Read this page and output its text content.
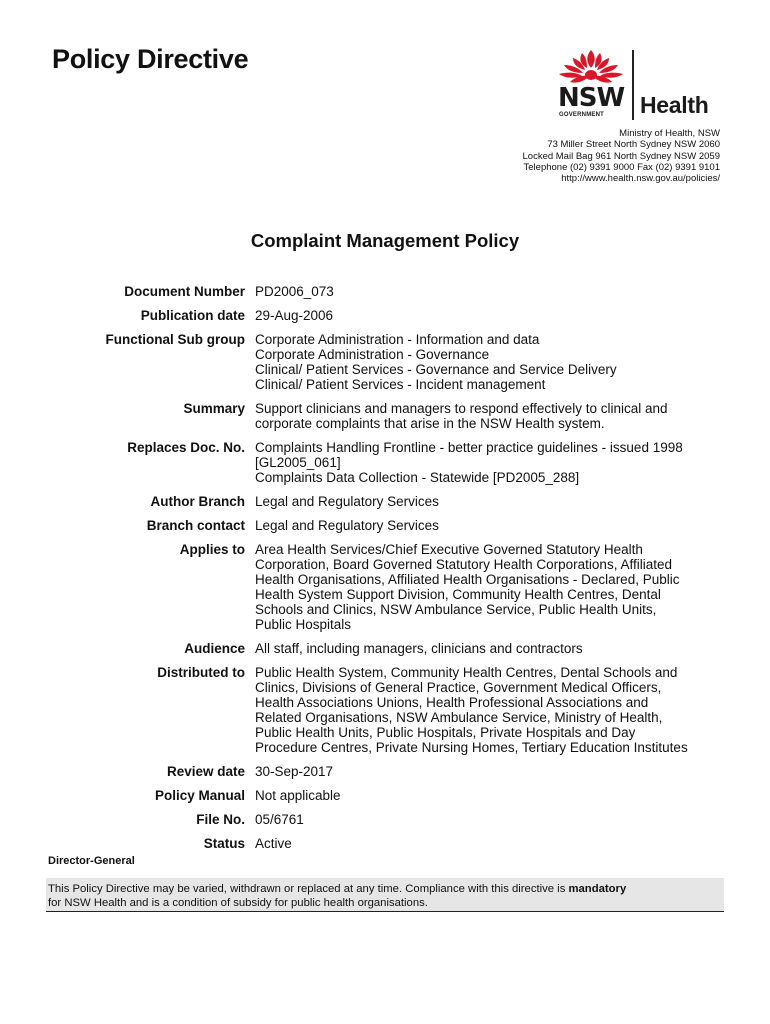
Policy Directive
NSW
GOVERNMENT Health
Ministry of Health, NSW
73 Miller Street North Sydney NSW 2060
Locked Mail Bag 961 North Sydney NSW 2059
Telephone (02) 9391 9000 Fax (02) 9391 9101
http://www.health.nsw.gov.au/policies/
Complaint Management Policy
Document Number PD2006_073
Publication date 29-Aug-2006
Functional Sub group Corporate Administration - Information and data
Corporate Administration - Governance
Clinical/ Patient Services - Governance and Service Delivery
Clinical/ Patient Services - Incident management
Summary Support clinicians and managers to respond effectively to clinical and
corporate complaints that arise in the NSW Health system.
Replaces Doc. No. Complaints Handling Frontline - better practice guidelines - issued 1998
[GL2005_061]
Complaints Data Collection - Statewide [PD2005_288]
Author Branch Legal and Regulatory Services
Branch contact Legal and Regulatory Services
Applies to Area Health Services/Chief Executive Governed Statutory Health
Corporation, Board Governed Statutory Health Corporations, Affiliated
Health Organisations, Affiliated Health Organisations - Declared, Public
Health System Support Division, Community Health Centres, Dental
Schools and Clinics, NSW Ambulance Service, Public Health Units,
Public Hospitals
Audience All staff, including managers, clinicians and contractors
Distributed to Public Health System, Community Health Centres, Dental Schools and
Clinics, Divisions of General Practice, Government Medical Officers,
Health Associations Unions, Health Professional Associations and
Related Organisations, NSW Ambulance Service, Ministry of Health,
Public Health Units, Public Hospitals, Private Hospitals and Day
Procedure Centres, Private Nursing Homes, Tertiary Education Institutes
Review date 30-Sep-2017
Policy Manual Not applicable
File No. 05/6761
Status Active
Director-General
This Policy Directive may be varied, withdrawn or replaced at any time. Compliance with this directive is mandatory
for NSW Health and is a condition of subsidy for public health organisations.
